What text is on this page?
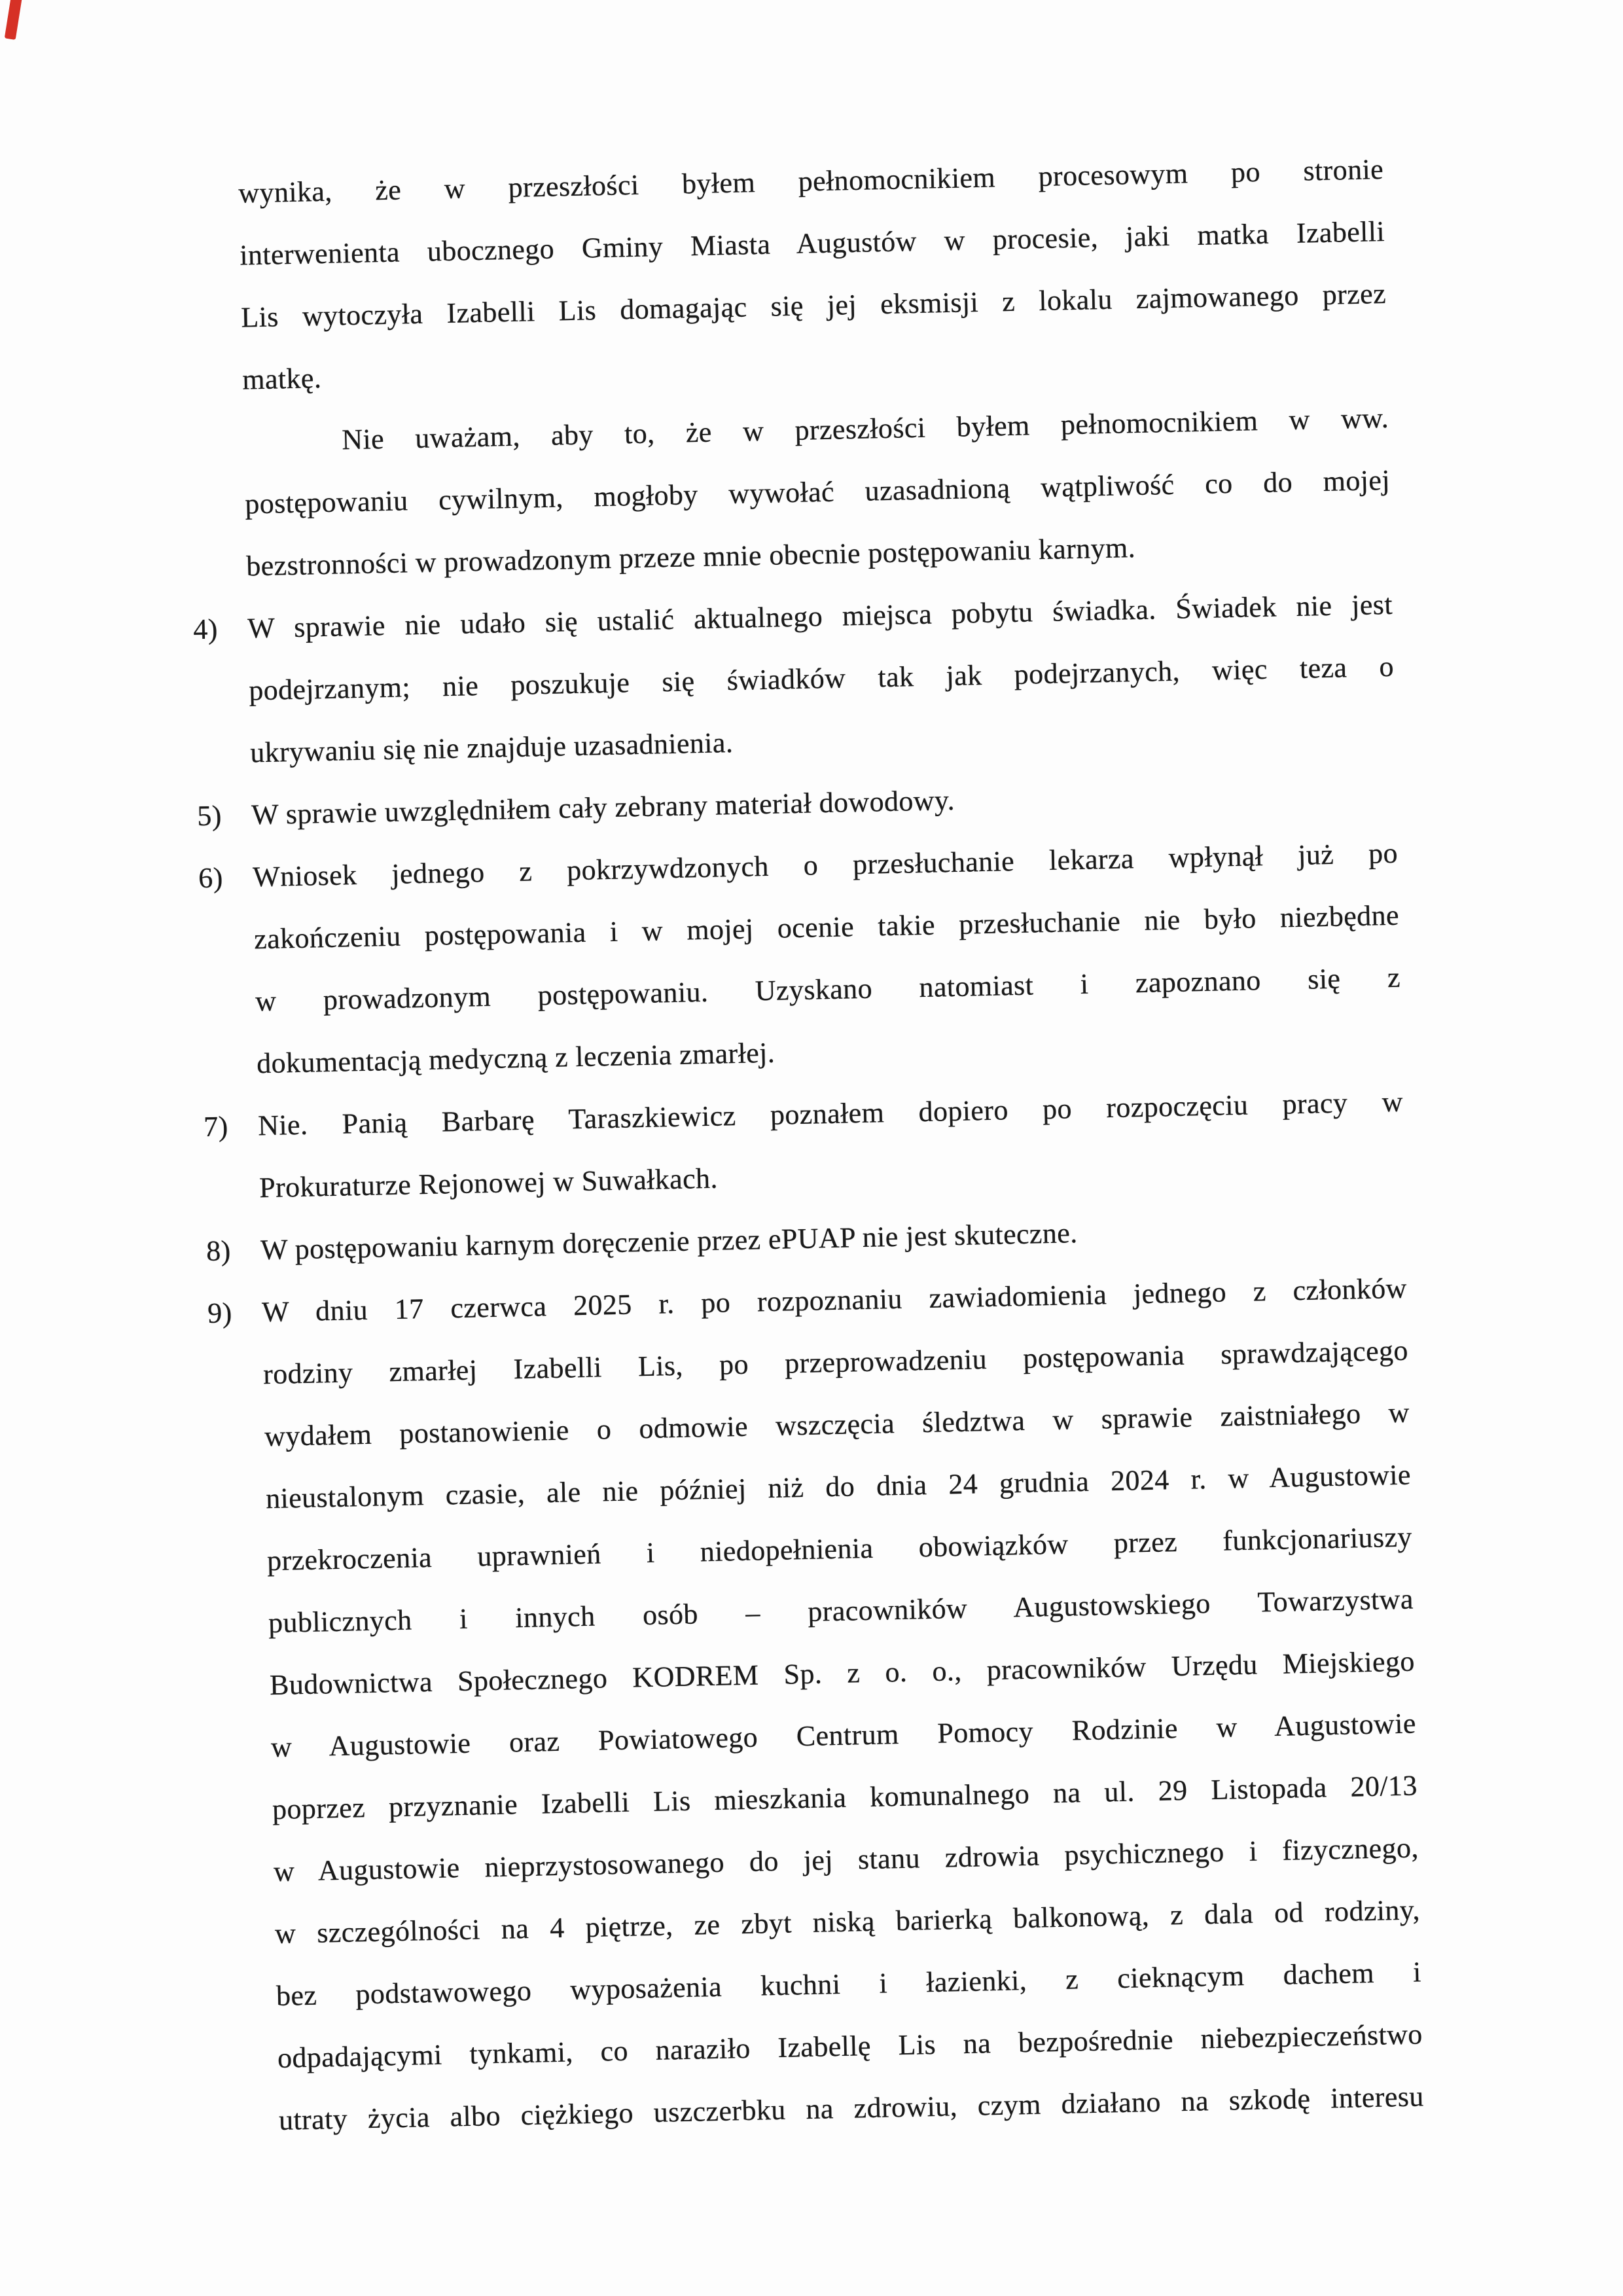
wynika, że w przeszłości byłem pełnomocnikiem procesowym po stronie
interwenienta ubocznego Gminy Miasta Augustów w procesie, jaki matka Izabelli
Lis wytoczyła Izabelli Lis domagając się jej eksmisji z lokalu zajmowanego przez
matkę.
Nie uważam, aby to, że w przeszłości byłem pełnomocnikiem w ww.
postępowaniu cywilnym, mogłoby wywołać uzasadnioną wątpliwość co do mojej
bezstronności w prowadzonym przeze mnie obecnie postępowaniu karnym.
4)	W sprawie nie udało się ustalić aktualnego miejsca pobytu świadka. Świadek nie jest
podejrzanym; nie poszukuje się świadków tak jak podejrzanych, więc teza o
ukrywaniu się nie znajduje uzasadnienia.
5)	W sprawie uwzględniłem cały zebrany materiał dowodowy.
6)	Wniosek jednego z pokrzywdzonych o przesłuchanie lekarza wpłynął już po
zakończeniu postępowania i w mojej ocenie takie przesłuchanie nie było niezbędne
w prowadzonym postępowaniu. Uzyskano natomiast i zapoznano się z
dokumentacją medyczną z leczenia zmarłej.
7)	Nie. Panią Barbarę Taraszkiewicz poznałem dopiero po rozpoczęciu pracy w
Prokuraturze Rejonowej w Suwałkach.
8)	W postępowaniu karnym doręczenie przez ePUAP nie jest skuteczne.
9)	W dniu 17 czerwca 2025 r. po rozpoznaniu zawiadomienia jednego z członków
rodziny zmarłej Izabelli Lis, po przeprowadzeniu postępowania sprawdzającego
wydałem postanowienie o odmowie wszczęcia śledztwa w sprawie zaistniałego w
nieustalonym czasie, ale nie później niż do dnia 24 grudnia 2024 r. w Augustowie
przekroczenia uprawnień i niedopełnienia obowiązków przez funkcjonariuszy
publicznych i innych osób – pracowników Augustowskiego Towarzystwa
Budownictwa Społecznego KODREM Sp. z o. o., pracowników Urzędu Miejskiego
w Augustowie oraz Powiatowego Centrum Pomocy Rodzinie w Augustowie
poprzez przyznanie Izabelli Lis mieszkania komunalnego na ul. 29 Listopada 20/13
w Augustowie nieprzystosowanego do jej stanu zdrowia psychicznego i fizycznego,
w szczególności na 4 piętrze, ze zbyt niską barierką balkonową, z dala od rodziny,
bez podstawowego wyposażenia kuchni i łazienki, z cieknącym dachem i
odpadającymi tynkami, co naraziło Izabellę Lis na bezpośrednie niebezpieczeństwo
utraty życia albo ciężkiego uszczerbku na zdrowiu, czym działano na szkodę interesu
